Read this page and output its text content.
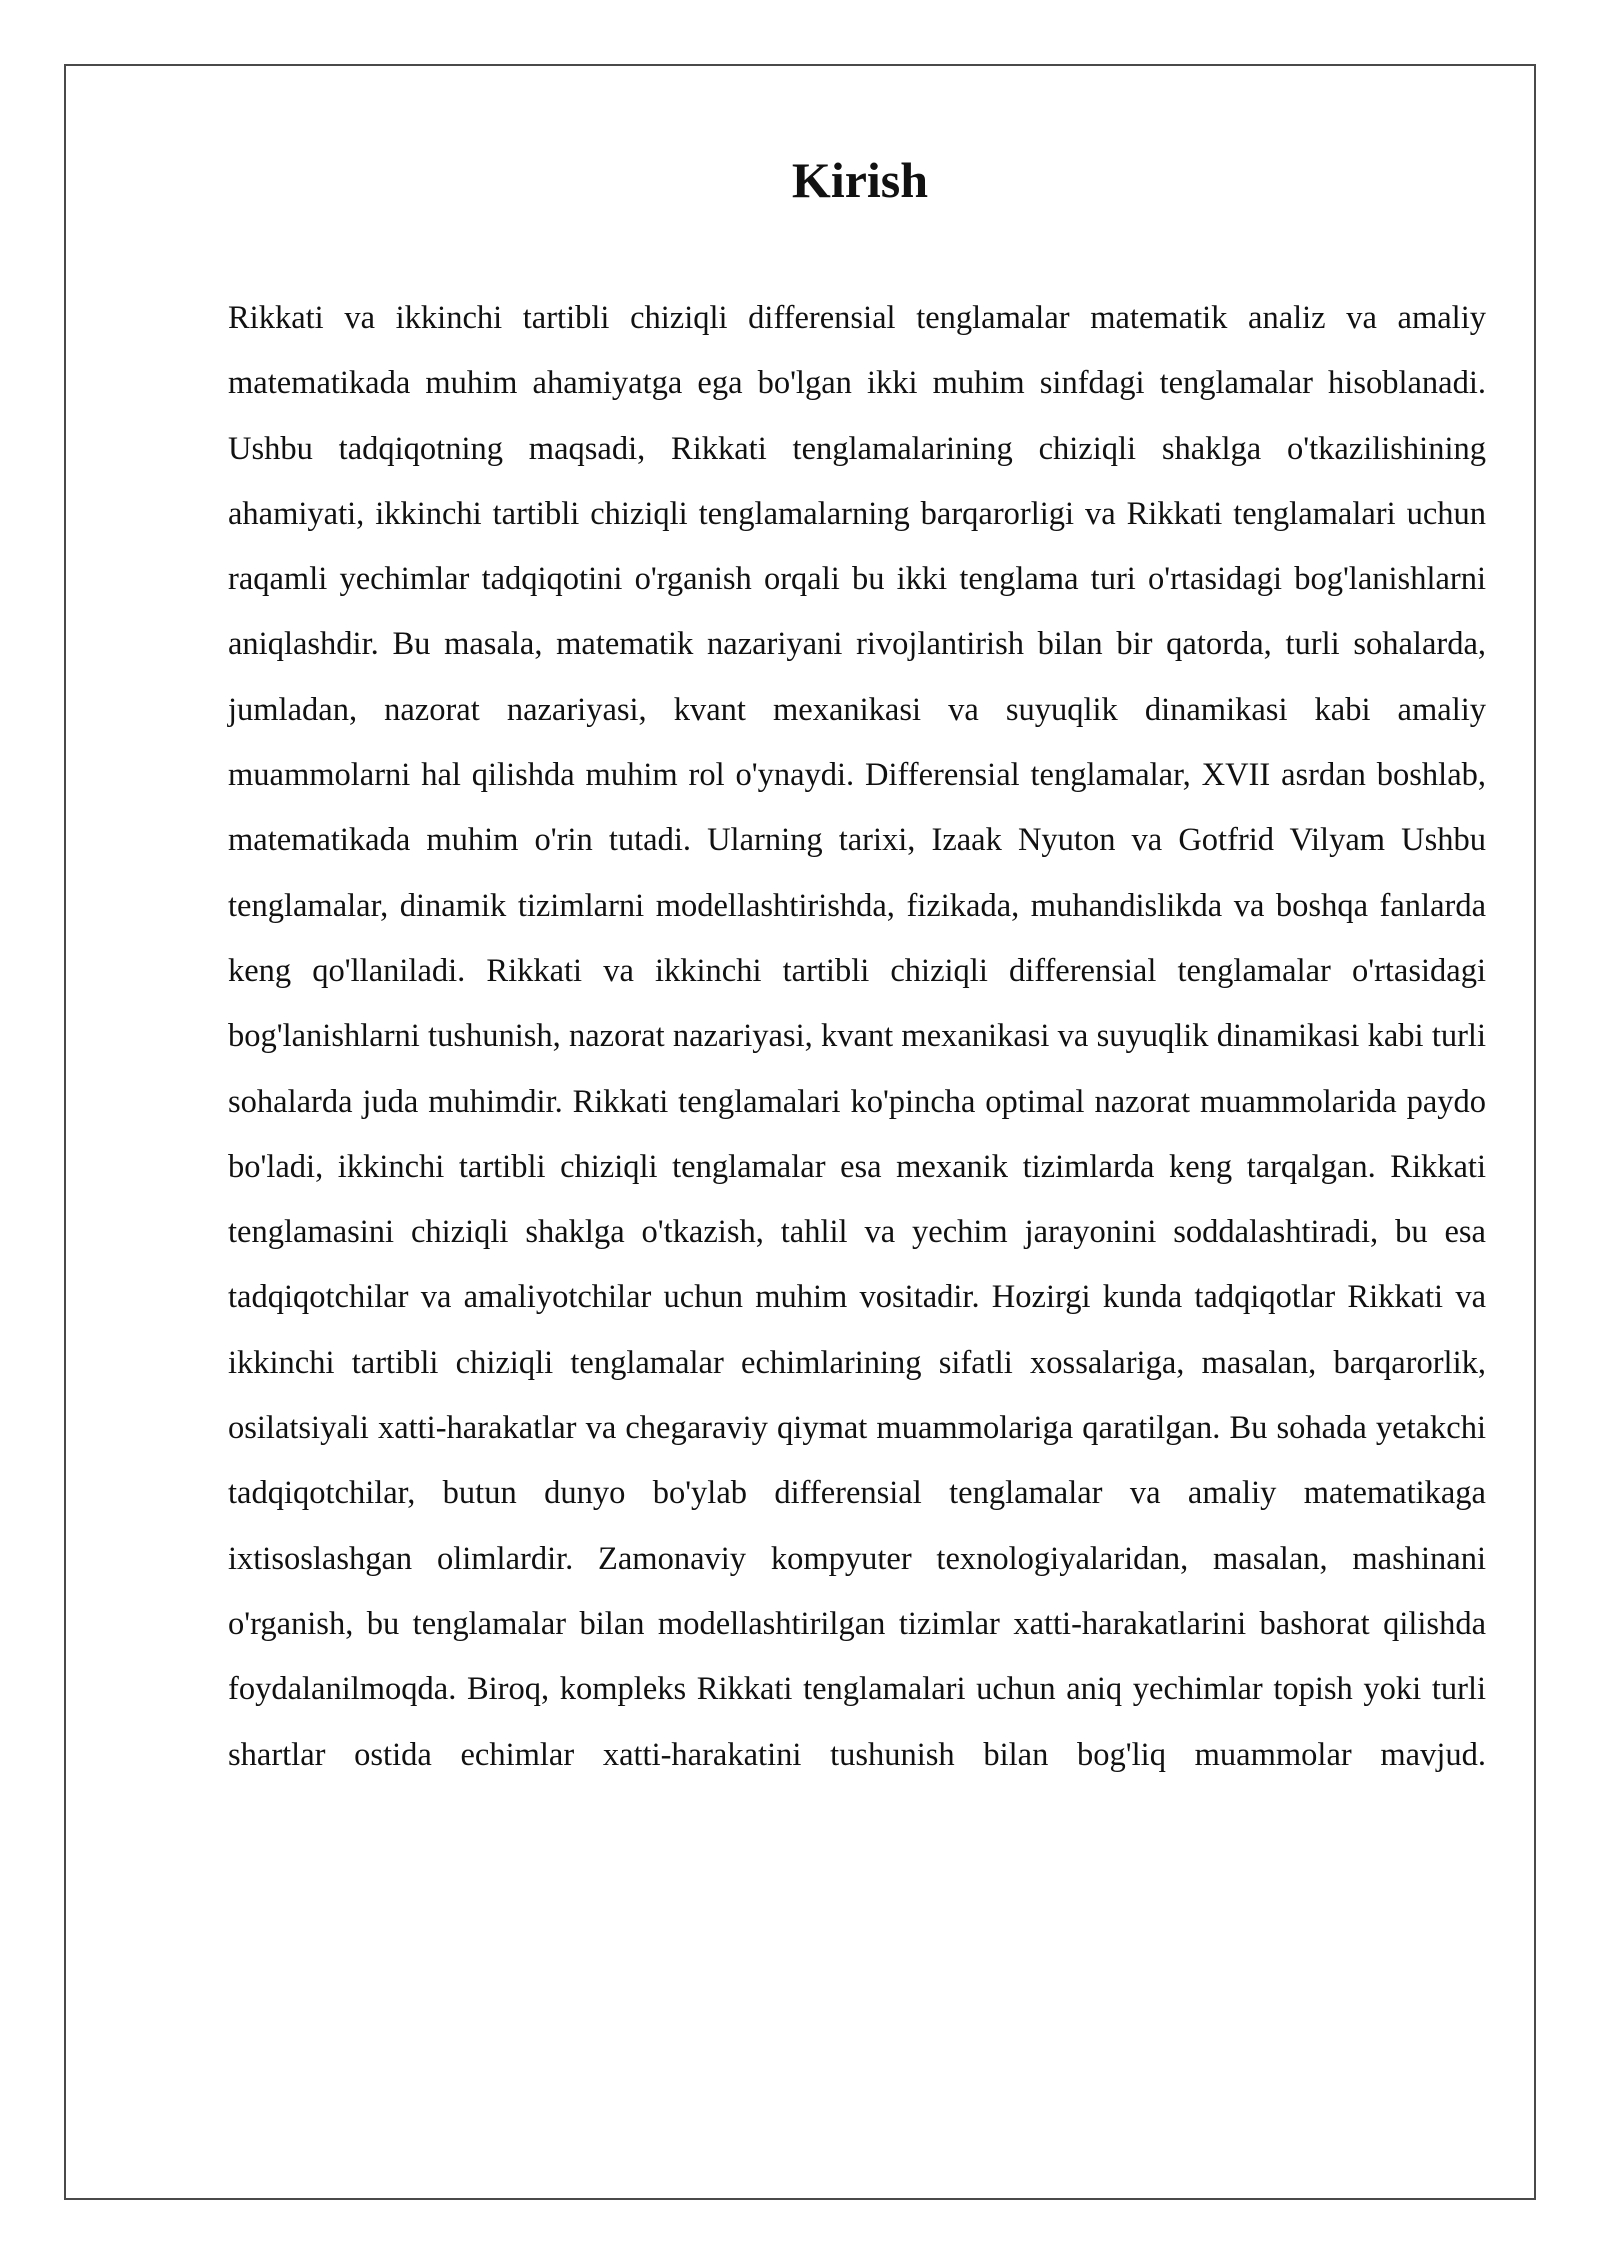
Kirish

Rikkati va ikkinchi tartibli chiziqli differensial tenglamalar matematik analiz va amaliy matematikada muhim ahamiyatga ega bo'lgan ikki muhim sinfdagi tenglamalar hisoblanadi. Ushbu tadqiqotning maqsadi, Rikkati tenglamalarining chiziqli shaklga o'tkazilishining ahamiyati, ikkinchi tartibli chiziqli tenglamalarning barqarorligi va Rikkati tenglamalari uchun raqamli yechimlar tadqiqotini o'rganish orqali bu ikki tenglama turi o'rtasidagi bog'lanishlarni aniqlashdir. Bu masala, matematik nazariyani rivojlantirish bilan bir qatorda, turli sohalarda, jumladan, nazorat nazariyasi, kvant mexanikasi va suyuqlik dinamikasi kabi amaliy muammolarni hal qilishda muhim rol o'ynaydi. Differensial tenglamalar, XVII asrdan boshlab, matematikada muhim o'rin tutadi. Ularning tarixi, Izaak Nyuton va Gotfrid Vilyam Ushbu tenglamalar, dinamik tizimlarni modellashtirishda, fizikada, muhandislikda va boshqa fanlarda keng qo'llaniladi. Rikkati va ikkinchi tartibli chiziqli differensial tenglamalar o'rtasidagi bog'lanishlarni tushunish, nazorat nazariyasi, kvant mexanikasi va suyuqlik dinamikasi kabi turli sohalarda juda muhimdir. Rikkati tenglamalari ko'pincha optimal nazorat muammolarida paydo bo'ladi, ikkinchi tartibli chiziqli tenglamalar esa mexanik tizimlarda keng tarqalgan. Rikkati tenglamasini chiziqli shaklga o'tkazish, tahlil va yechim jarayonini soddalashtiradi, bu esa tadqiqotchilar va amaliyotchilar uchun muhim vositadir. Hozirgi kunda tadqiqotlar Rikkati va ikkinchi tartibli chiziqli tenglamalar echimlarining sifatli xossalariga, masalan, barqarorlik, osilatsiyali xatti-harakatlar va chegaraviy qiymat muammolariga qaratilgan. Bu sohada yetakchi tadqiqotchilar, butun dunyo bo'ylab differensial tenglamalar va amaliy matematikaga ixtisoslashgan olimlardir. Zamonaviy kompyuter texnologiyalaridan, masalan, mashinani o'rganish, bu tenglamalar bilan modellashtirilgan tizimlar xatti-harakatlarini bashorat qilishda foydalanilmoqda. Biroq, kompleks Rikkati tenglamalari uchun aniq yechimlar topish yoki turli shartlar ostida echimlar xatti-harakatini tushunish bilan bog'liq muammolar mavjud.
